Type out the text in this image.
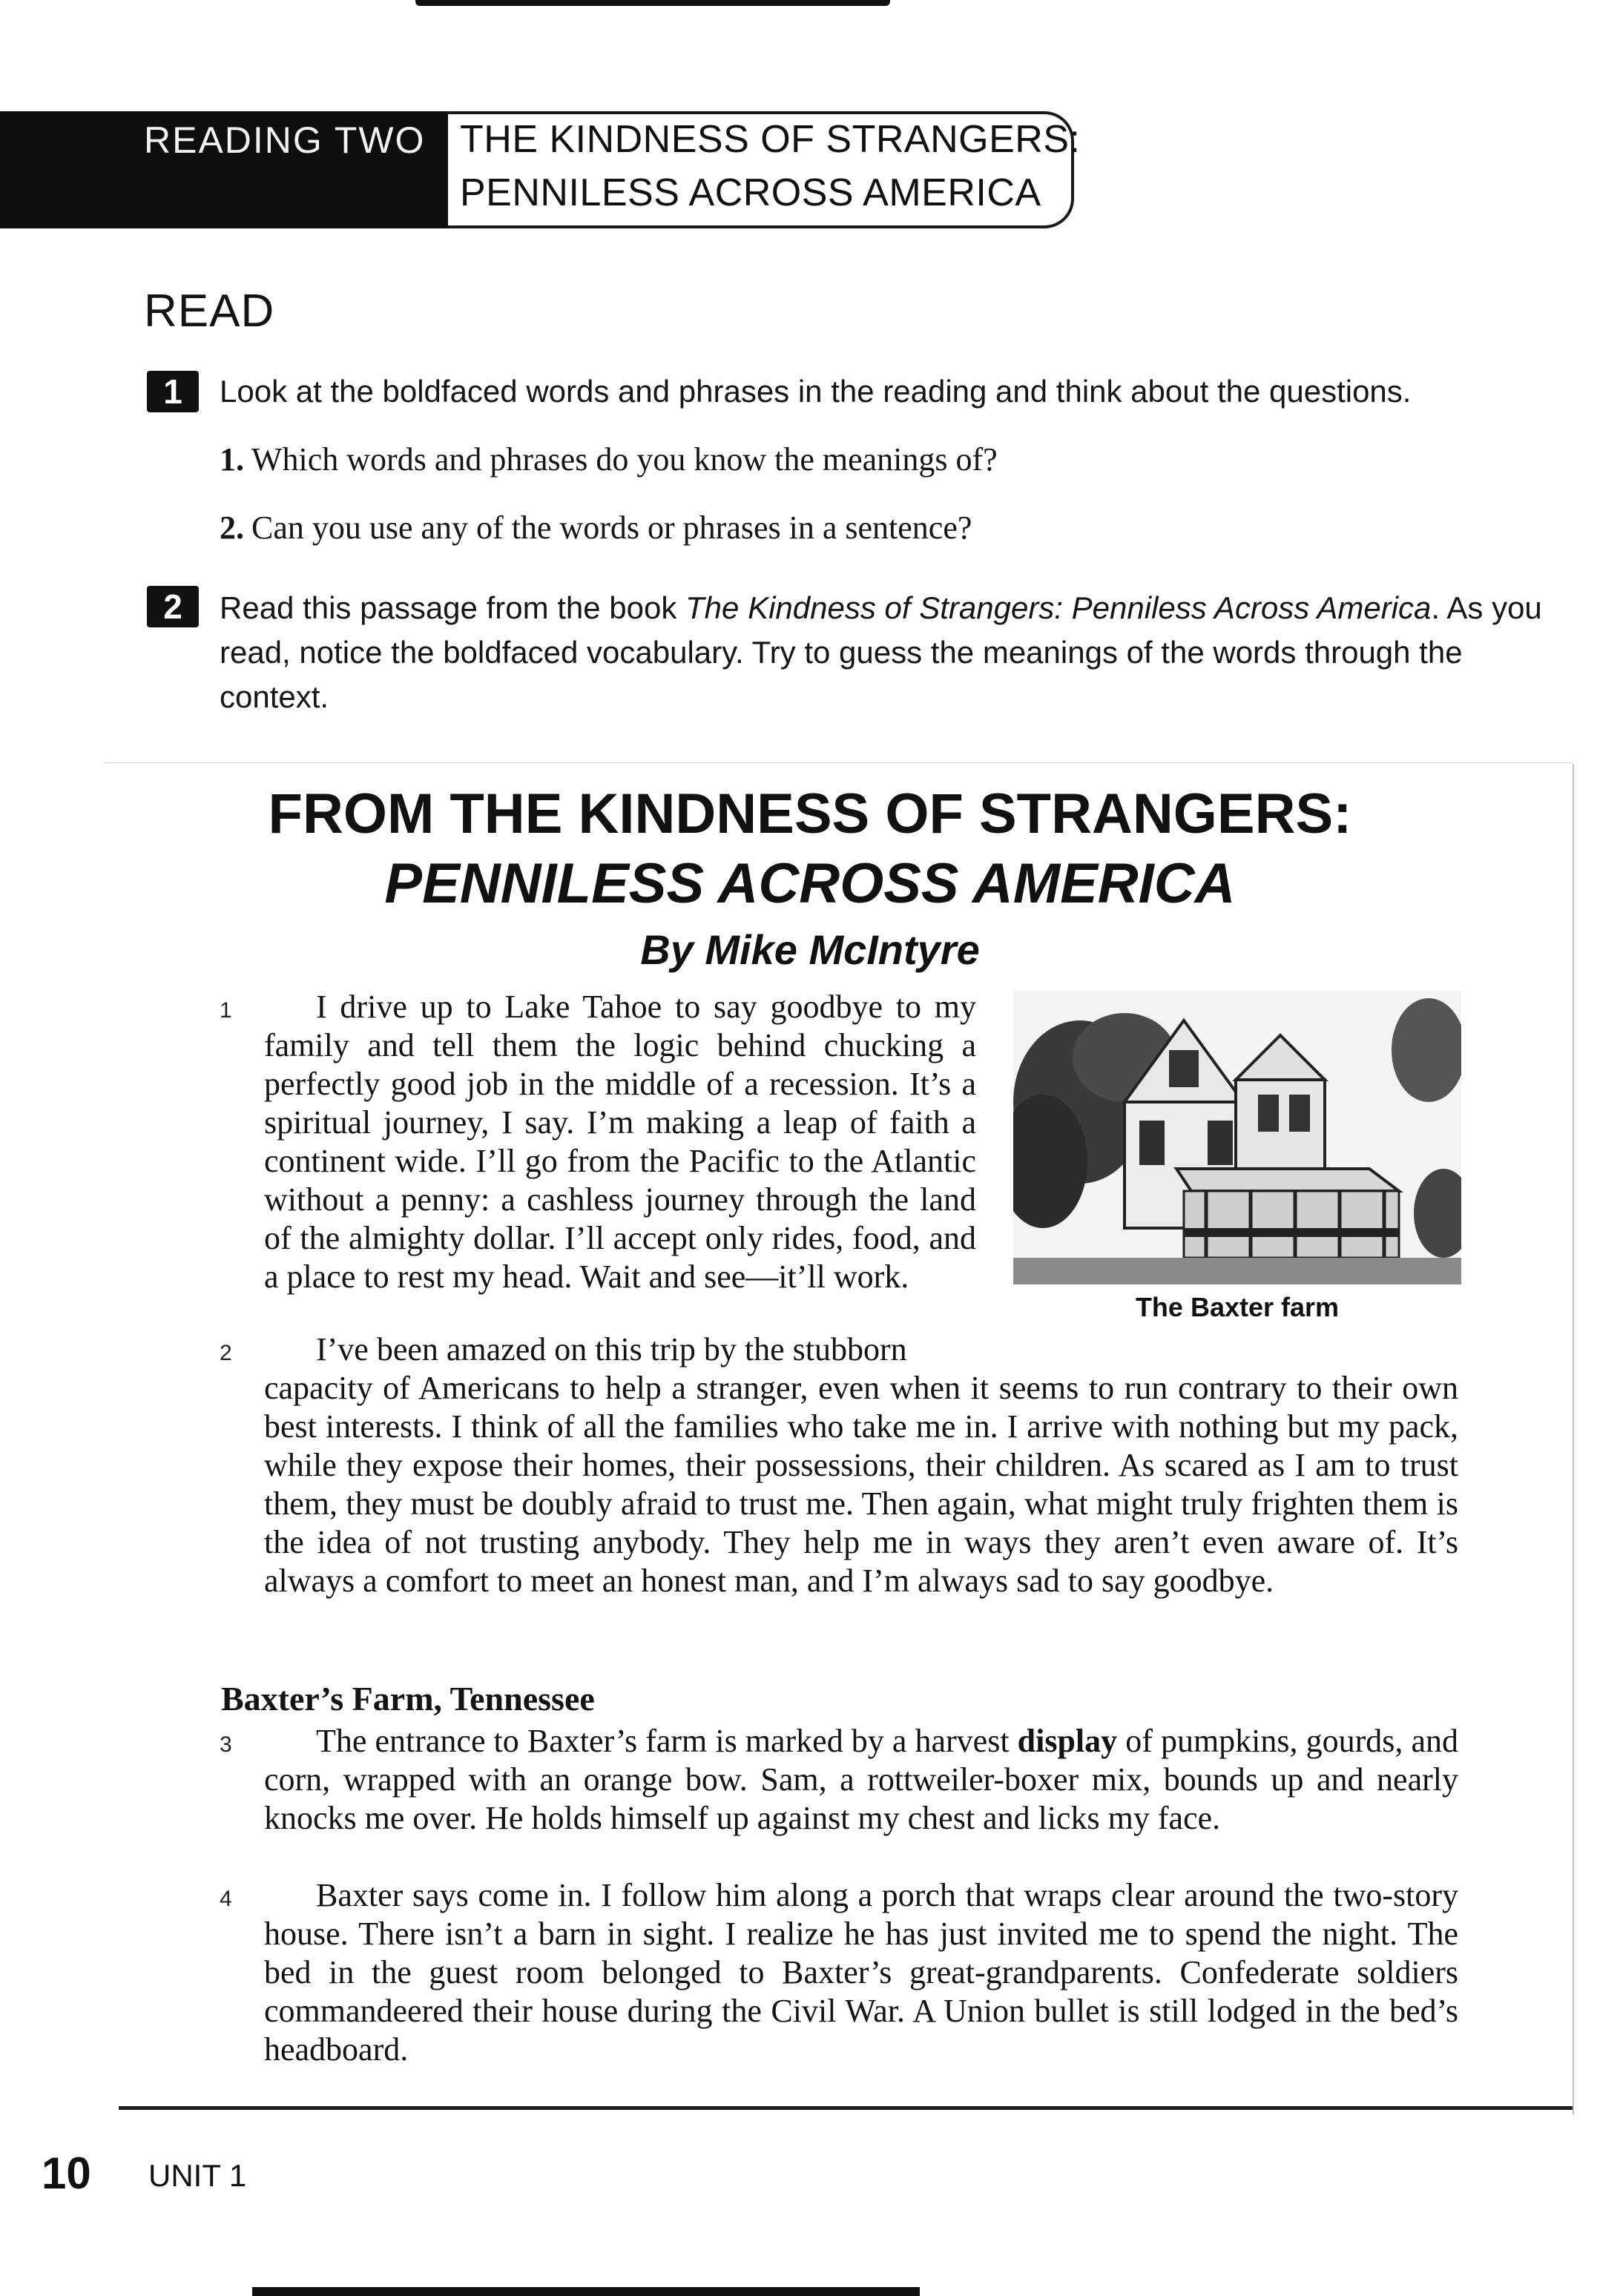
READING TWO THE KINDNESS OF STRANGERS:
PENNILESS ACROSS AMERICA
READ
1	Look at the boldfaced words and phrases in the reading and think about the questions.
1. Which words and phrases do you know the meanings of?
2. Can you use any of the words or phrases in a sentence?
2	Read this passage from the book The Kindness of Strangers: Penniless Across America. As you read, notice the boldfaced vocabulary. Try to guess the meanings of the words through the context.
FROM THE KINDNESS OF STRANGERS:
PENNILESS ACROSS AMERICA
By Mike McIntyre
1	I drive up to Lake Tahoe to say goodbye to my family and tell them the logic behind chucking a perfectly good job in the middle of a recession. It’s a spiritual journey, I say. I’m making a leap of faith a continent wide. I’ll go from the Pacific to the Atlantic without a penny: a cashless journey through the land of the almighty dollar. I’ll accept only rides, food, and a place to rest my head. Wait and see—it’ll work.
The Baxter farm
2	I’ve been amazed on this trip by the stubborn
capacity of Americans to help a stranger, even when it seems to run contrary to their own best interests. I think of all the families who take me in. I arrive with nothing but my pack, while they expose their homes, their possessions, their children. As scared as I am to trust them, they must be doubly afraid to trust me. Then again, what might truly frighten them is the idea of not trusting anybody. They help me in ways they aren’t even aware of. It’s always a comfort to meet an honest man, and I’m always sad to say goodbye.
Baxter’s Farm, Tennessee
3	The entrance to Baxter’s farm is marked by a harvest display of pumpkins, gourds, and corn, wrapped with an orange bow. Sam, a rottweiler-boxer mix, bounds up and nearly knocks me over. He holds himself up against my chest and licks my face.
4	Baxter says come in. I follow him along a porch that wraps clear around the two-story house. There isn’t a barn in sight. I realize he has just invited me to spend the night. The bed in the guest room belonged to Baxter’s great-grandparents. Confederate soldiers commandeered their house during the Civil War. A Union bullet is still lodged in the bed’s headboard.
10 UNIT 1
